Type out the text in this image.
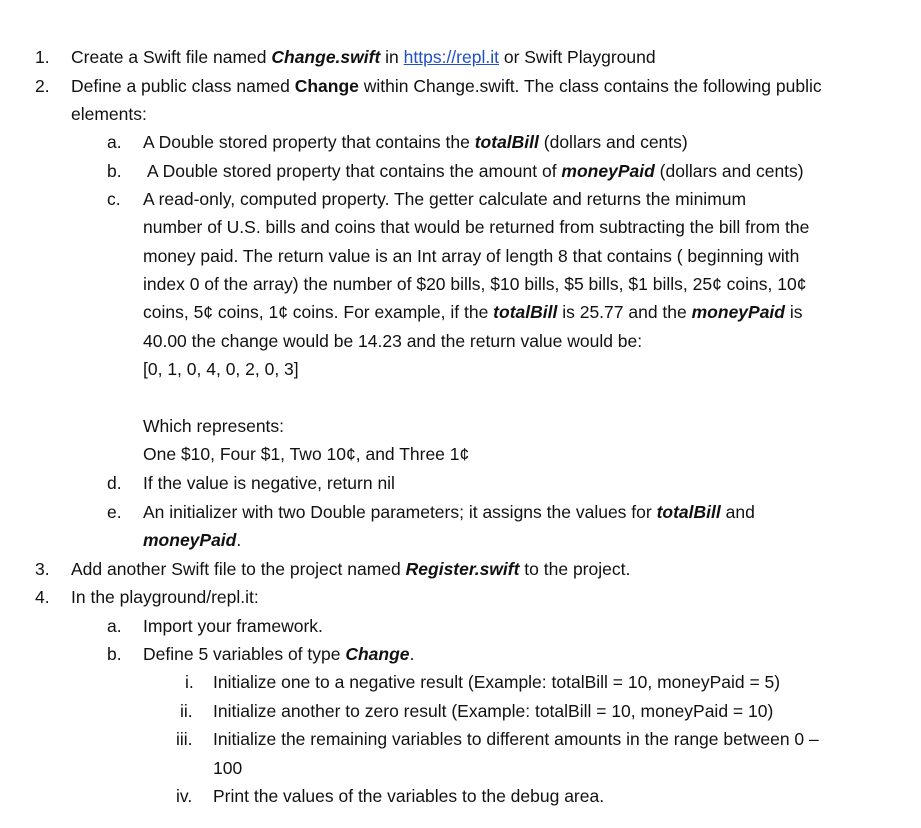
1. Create a Swift file named Change.swift in https://repl.it or Swift Playground
2. Define a public class named Change within Change.swift. The class contains the following public
elements:
a. A Double stored property that contains the totalBill (dollars and cents)
b. A Double stored property that contains the amount of moneyPaid (dollars and cents)
c. A read-only, computed property. The getter calculate and returns the minimum
number of U.S. bills and coins that would be returned from subtracting the bill from the
money paid. The return value is an Int array of length 8 that contains ( beginning with
index 0 of the array) the number of $20 bills, $10 bills, $5 bills, $1 bills, 25¢ coins, 10¢
coins, 5¢ coins, 1¢ coins. For example, if the totalBill is 25.77 and the moneyPaid is
40.00 the change would be 14.23 and the return value would be:
[0, 1, 0, 4, 0, 2, 0, 3]
Which represents:
One $10, Four $1, Two 10¢, and Three 1¢
d. If the value is negative, return nil
e. An initializer with two Double parameters; it assigns the values for totalBill and
moneyPaid.
3. Add another Swift file to the project named Register.swift to the project.
4. In the playground/repl.it:
a. Import your framework.
b. Define 5 variables of type Change.
i. Initialize one to a negative result (Example: totalBill = 10, moneyPaid = 5)
ii. Initialize another to zero result (Example: totalBill = 10, moneyPaid = 10)
iii. Initialize the remaining variables to different amounts in the range between 0 –
100
iv. Print the values of the variables to the debug area.
